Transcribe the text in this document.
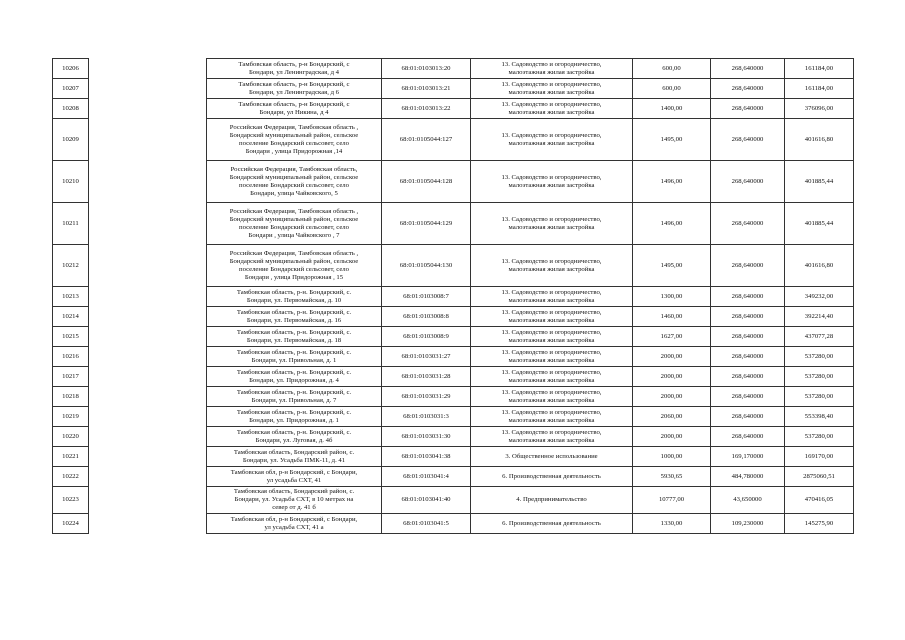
10206		Тамбовская область, р-н Бондарский, с
Бондари, ул Ленинградская, д 4	68:01:0103013:20	13. Садоводство и огородничество,
малоэтажная жилая застройка	600,00	268,640000	161184,00
10207		Тамбовская область, р-н Бондарский, с
Бондари, ул Ленинградская, д 6	68:01:0103013:21	13. Садоводство и огородничество,
малоэтажная жилая застройка	600,00	268,640000	161184,00
10208		Тамбовская область, р-н Бондарский, с
Бондари, ул Никина, д 4	68:01:0103013:22	13. Садоводство и огородничество,
малоэтажная жилая застройка	1400,00	268,640000	376096,00
10209		Российская Федерация, Тамбовская область ,
Бондарский муниципальный район, сельское
поселение Бондарский сельсовет, село
Бондари , улица Придорожная ,14	68:01:0105044:127	13. Садоводство и огородничество,
малоэтажная жилая застройка	1495,00	268,640000	401616,80
10210		Российская Федерация, Тамбовская область,
Бондарский муниципальный район, сельское
поселение Бондарский сельсовет, село
Бондари, улица Чайковского, 5	68:01:0105044:128	13. Садоводство и огородничество,
малоэтажная жилая застройка	1496,00	268,640000	401885,44
10211		Российская Федерация, Тамбовская область ,
Бондарский муниципальный район, сельское
поселение Бондарский сельсовет, село
Бондари , улица Чайковского , 7	68:01:0105044:129	13. Садоводство и огородничество,
малоэтажная жилая застройка	1496,00	268,640000	401885,44
10212		Российская Федерация, Тамбовская область ,
Бондарский муниципальный район, сельское
поселение Бондарский сельсовет, село
Бондари , улица Придорожная , 15	68:01:0105044:130	13. Садоводство и огородничество,
малоэтажная жилая застройка	1495,00	268,640000	401616,80
10213		Тамбовская область, р-н. Бондарский, с.
Бондари, ул. Первомайская, д. 10	68:01:0103008:7	13. Садоводство и огородничество,
малоэтажная жилая застройка	1300,00	268,640000	349232,00
10214		Тамбовская область, р-н. Бондарский, с.
Бондари, ул. Первомайская, д. 16	68:01:0103008:8	13. Садоводство и огородничество,
малоэтажная жилая застройка	1460,00	268,640000	392214,40
10215		Тамбовская область, р-н. Бондарский, с.
Бондари, ул. Первомайская, д. 18	68:01:0103008:9	13. Садоводство и огородничество,
малоэтажная жилая застройка	1627,00	268,640000	437077,28
10216		Тамбовская область, р-н. Бондарский, с.
Бондари, ул. Привольная, д. 1	68:01:0103031:27	13. Садоводство и огородничество,
малоэтажная жилая застройка	2000,00	268,640000	537280,00
10217		Тамбовская область, р-н. Бондарский, с.
Бондари, ул. Придорожная, д. 4	68:01:0103031:28	13. Садоводство и огородничество,
малоэтажная жилая застройка	2000,00	268,640000	537280,00
10218		Тамбовская область, р-н. Бондарский, с.
Бондари, ул. Привольная, д. 7	68:01:0103031:29	13. Садоводство и огородничество,
малоэтажная жилая застройка	2000,00	268,640000	537280,00
10219		Тамбовская область, р-н. Бондарский, с.
Бондари, ул. Придорожная, д. 1	68:01:0103031:3	13. Садоводство и огородничество,
малоэтажная жилая застройка	2060,00	268,640000	553398,40
10220		Тамбовская область, р-н. Бондарский, с.
Бондари, ул. Луговая, д. 4б	68:01:0103031:30	13. Садоводство и огородничество,
малоэтажная жилая застройка	2000,00	268,640000	537280,00
10221		Тамбовская область, Бондарский район, с.
Бондари, ул. Усадьба ПМК-11, д. 41	68:01:0103041:38	3. Общественное использование	1000,00	169,170000	169170,00
10222		Тамбовская обл, р-н Бондарский, с Бондари,
ул усадьба СХТ, 41	68:01:0103041:4	6. Производственная деятельность	5930,65	484,780000	2875060,51
10223		Тамбовская область, Бондарский район, с.
Бондари, ул. Усадьба СХТ, в 10 метрах на
север от д. 41 б	68:01:0103041:40	4. Предпринимательство	10777,00	43,650000	470416,05
10224		Тамбовская обл, р-н Бондарский, с Бондари,
ул усадьба СХТ, 41 а	68:01:0103041:5	6. Производственная деятельность	1330,00	109,230000	145275,90
